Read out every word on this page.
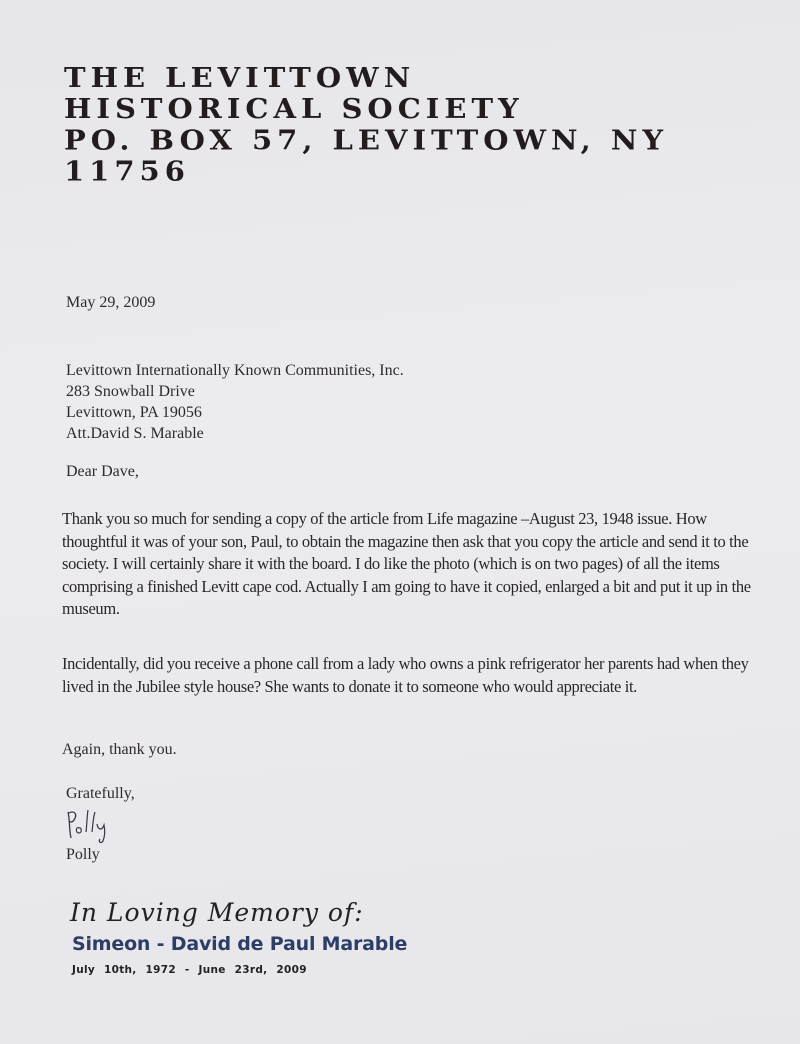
THE LEVITTOWN
HISTORICAL SOCIETY
PO. BOX 57, LEVITTOWN, NY
11756
May 29, 2009
Levittown Internationally Known Communities, Inc.
283 Snowball Drive
Levittown, PA 19056
Att.David S. Marable
Dear Dave,
Thank you so much for sending a copy of the article from Life magazine –August 23, 1948 issue. How thoughtful it was of your son, Paul, to obtain the magazine then ask that you copy the article and send it to the society. I will certainly share it with the board. I do like the photo (which is on two pages) of all the items comprising a finished Levitt cape cod. Actually I am going to have it copied, enlarged a bit and put it up in the museum.
Incidentally, did you receive a phone call from a lady who owns a pink refrigerator her parents had when they lived in the Jubilee style house? She wants to donate it to someone who would appreciate it.
Again, thank you.
Gratefully,
Polly
In Loving Memory of:
Simeon - David de Paul Marable
July 10th, 1972 - June 23rd, 2009
